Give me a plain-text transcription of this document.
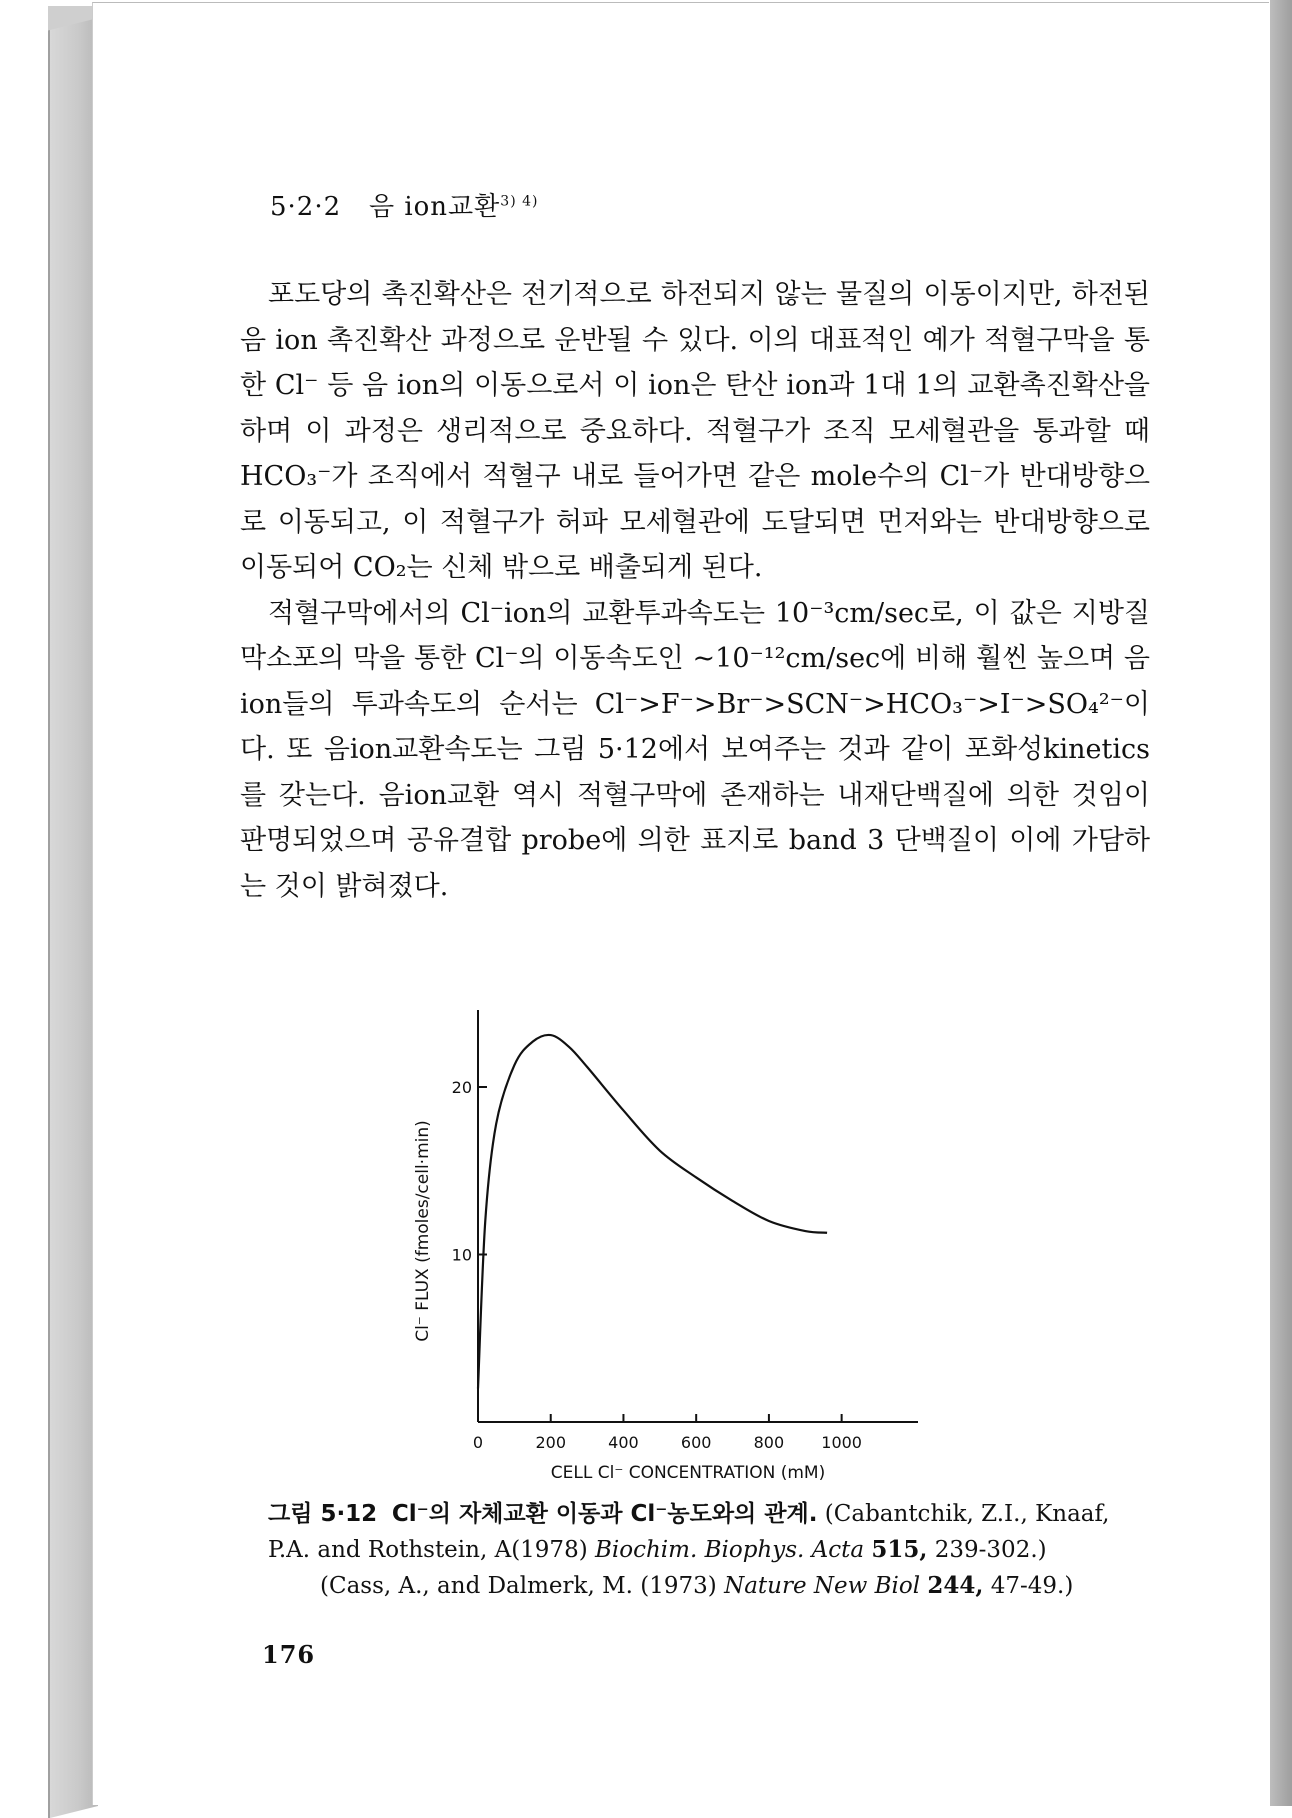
5·2·2 음 ion교환$^{3) 4)}$

포도당의 촉진확산은 전기적으로 하전되지 않는 물질의 이동이지만, 하전된 음 ion 촉진확산 과정으로 운반될 수 있다. 이의 대표적인 예가 적혈구막을 통한 Cl⁻ 등 음 ion의 이동으로서 이 ion은 탄산 ion과 1대 1의 교환촉진확산을 하며 이 과정은 생리적으로 중요하다. 적혈구가 조직 모세혈관을 통과할 때 HCO₃⁻가 조직에서 적혈구 내로 들어가면 같은 mole수의 Cl⁻가 반대방향으로 이동되고, 이 적혈구가 허파 모세혈관에 도달되면 먼저와는 반대방향으로 이동되어 CO₂는 신체 밖으로 배출되게 된다.

적혈구막에서의 Cl⁻ion의 교환투과속도는 10⁻³cm/sec로, 이 값은 지방질막소포의 막을 통한 Cl⁻의 이동속도인 ~10⁻¹²cm/sec에 비해 훨씬 높으며 음 ion들의 투과속도의 순서는 Cl⁻>F⁻>Br⁻>SCN⁻>HCO₃⁻>I⁻>SO₄²⁻이다. 또 음ion교환속도는 그림 5·12에서 보여주는 것과 같이 포화성kinetics를 갖는다. 음ion교환 역시 적혈구막에 존재하는 내재단백질에 의한 것임이 판명되었으며 공유결합 probe에 의한 표지로 band 3 단백질이 이에 가담하는 것이 밝혀졌다.

0	200	400	600	800 1000
10
20
CELL Cl⁻ CONCENTRATION (mM)
Cl⁻ FLUX (fmoles/cell·min)
그림 5·12 Cl⁻의 자체교환 이동과 Cl⁻농도와의 관계. (Cabantchik, Z.I., Knaaf, P.A. and Rothstein, A(1978) Biochim. Biophys. Acta 515, 239-302.)
(Cass, A., and Dalmerk, M. (1973) Nature New Biol 244, 47-49.)
176
